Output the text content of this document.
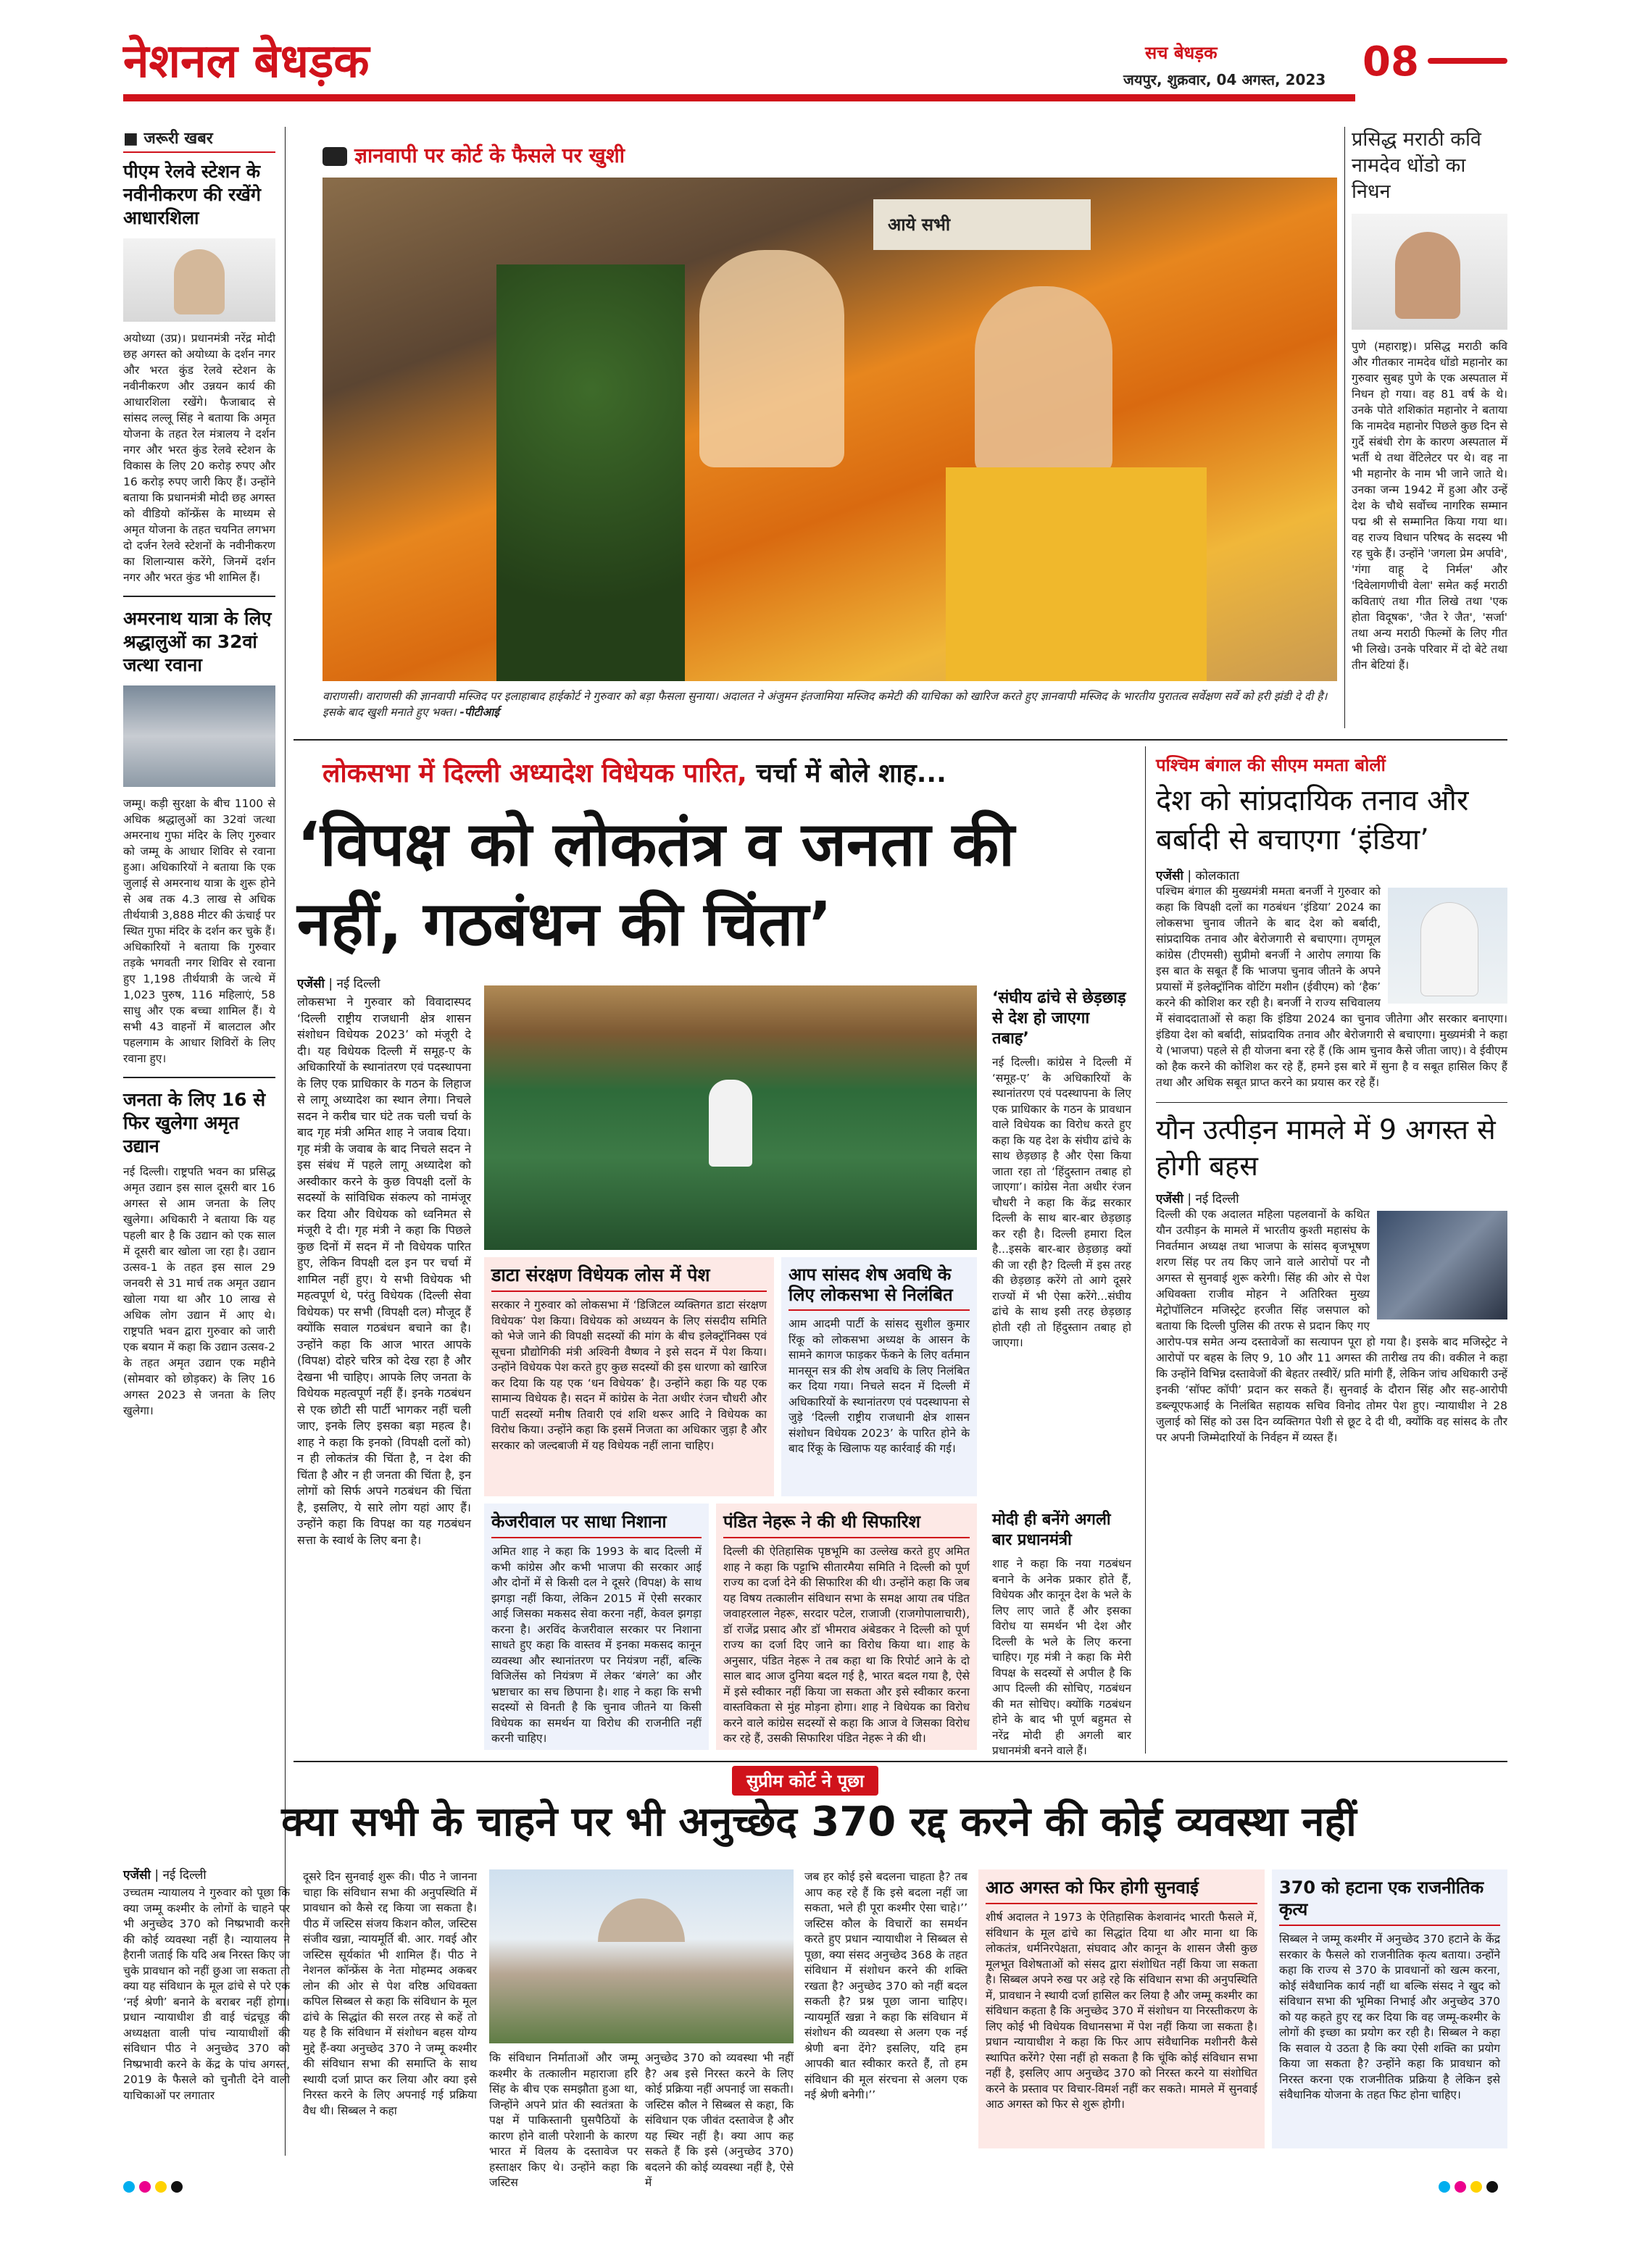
नेशनल बेधड़क	सच बेधड़क
जयपुर, शुक्रवार, 04 अगस्त, 2023 08
■ जरूरी खबर
पीएम रेलवे स्टेशन के नवीनीकरण की रखेंगे आधारशिला
अयोध्या (उप्र)। प्रधानमंत्री नरेंद्र मोदी छह अगस्त को अयोध्या के दर्शन नगर और भरत कुंड रेलवे स्टेशन के नवीनीकरण और उन्नयन कार्य की आधारशिला रखेंगे। फैजाबाद से सांसद लल्लू सिंह ने बताया कि अमृत योजना के तहत रेल मंत्रालय ने दर्शन नगर और भरत कुंड रेलवे स्टेशन के विकास के लिए 20 करोड़ रुपए और 16 करोड़ रुपए जारी किए हैं। उन्होंने बताया कि प्रधानमंत्री मोदी छह अगस्त को वीडियो कॉन्फ्रेंस के माध्यम से अमृत योजना के तहत चयनित लगभग दो दर्जन रेलवे स्टेशनों के नवीनीकरण का शिलान्यास करेंगे, जिनमें दर्शन नगर और भरत कुंड भी शामिल हैं।
अमरनाथ यात्रा के लिए श्रद्धालुओं का 32वां जत्था रवाना
जम्मू। कड़ी सुरक्षा के बीच 1100 से अधिक श्रद्धालुओं का 32वां जत्था अमरनाथ गुफा मंदिर के लिए गुरुवार को जम्मू के आधार शिविर से रवाना हुआ। अधिकारियों ने बताया कि एक जुलाई से अमरनाथ यात्रा के शुरू होने से अब तक 4.3 लाख से अधिक तीर्थयात्री 3,888 मीटर की ऊंचाई पर स्थित गुफा मंदिर के दर्शन कर चुके हैं। अधिकारियों ने बताया कि गुरुवार तड़के भगवती नगर शिविर से रवाना हुए 1,198 तीर्थयात्री के जत्थे में 1,023 पुरुष, 116 महिलाएं, 58 साधु और एक बच्चा शामिल हैं। ये सभी 43 वाहनों में बालटाल और पहलगाम के आधार शिविरों के लिए रवाना हुए।
जनता के लिए 16 से फिर खुलेगा अमृत उद्यान
नई दिल्ली। राष्ट्रपति भवन का प्रसिद्ध अमृत उद्यान इस साल दूसरी बार 16 अगस्त से आम जनता के लिए खुलेगा। अधिकारी ने बताया कि यह पहली बार है कि उद्यान को एक साल में दूसरी बार खोला जा रहा है। उद्यान उत्सव-1 के तहत इस साल 29 जनवरी से 31 मार्च तक अमृत उद्यान खोला गया था और 10 लाख से अधिक लोग उद्यान में आए थे। राष्ट्रपति भवन द्वारा गुरुवार को जारी एक बयान में कहा कि उद्यान उत्सव-2 के तहत अमृत उद्यान एक महीने (सोमवार को छोड़कर) के लिए 16 अगस्त 2023 से जनता के लिए खुलेगा।
ज्ञानवापी पर कोर्ट के फैसले पर खुशी
आये सभी
वाराणसी। वाराणसी की ज्ञानवापी मस्जिद पर इलाहाबाद हाईकोर्ट ने गुरुवार को बड़ा फैसला सुनाया। अदालत ने अंजुमन इंतजामिया मस्जिद कमेटी की याचिका को खारिज करते हुए ज्ञानवापी मस्जिद के भारतीय पुरातत्व सर्वेक्षण सर्वे को हरी झंडी दे दी है। इसके बाद खुशी मनाते हुए भक्त। -पीटीआई
प्रसिद्ध मराठी कवि नामदेव धोंडो का निधन
पुणे (महाराष्ट्र)। प्रसिद्ध मराठी कवि और गीतकार नामदेव धोंडो महानोर का गुरुवार सुबह पुणे के एक अस्पताल में निधन हो गया। वह 81 वर्ष के थे। उनके पोते शशिकांत महानोर ने बताया कि नामदेव महानोर पिछले कुछ दिन से गुर्दे संबंधी रोग के कारण अस्पताल में भर्ती थे तथा वेंटिलेटर पर थे। वह ना भी महानोर के नाम भी जाने जाते थे। उनका जन्म 1942 में हुआ और उन्हें देश के चौथे सर्वोच्च नागरिक सम्मान पद्म श्री से सम्मानित किया गया था। वह राज्य विधान परिषद के सदस्य भी रह चुके हैं। उन्होंने 'जगला प्रेम अर्पावे', 'गंगा वाहू दे निर्मल' और 'दिवेलागणीची वेला' समेत कई मराठी कविताएं तथा गीत लिखे तथा 'एक होता विदूषक', 'जैत रे जैत', 'सर्जा' तथा अन्य मराठी फिल्मों के लिए गीत भी लिखे। उनके परिवार में दो बेटे तथा तीन बेटियां हैं।
लोकसभा में दिल्ली अध्यादेश विधेयक पारित, चर्चा में बोले शाह...
‘विपक्ष को लोकतंत्र व जनता की नहीं, गठबंधन की चिंता’
एजेंसी | नई दिल्ली
लोकसभा ने गुरुवार को विवादास्पद ‘दिल्ली राष्ट्रीय राजधानी क्षेत्र शासन संशोधन विधेयक 2023’ को मंजूरी दे दी। यह विधेयक दिल्ली में समूह-ए के अधिकारियों के स्थानांतरण एवं पदस्थापना के लिए एक प्राधिकार के गठन के लिहाज से लागू अध्यादेश का स्थान लेगा। निचले सदन ने करीब चार घंटे तक चली चर्चा के बाद गृह मंत्री अमित शाह ने जवाब दिया। गृह मंत्री के जवाब के बाद निचले सदन ने इस संबंध में पहले लागू अध्यादेश को अस्वीकार करने के कुछ विपक्षी दलों के सदस्यों के सांविधिक संकल्प को नामंजूर कर दिया और विधेयक को ध्वनिमत से मंजूरी दे दी। गृह मंत्री ने कहा कि पिछले कुछ दिनों में सदन में नौ विधेयक पारित हुए, लेकिन विपक्षी दल इन पर चर्चा में शामिल नहीं हुए। ये सभी विधेयक भी महत्वपूर्ण थे, परंतु विधेयक (दिल्ली सेवा विधेयक) पर सभी (विपक्षी दल) मौजूद हैं क्योंकि सवाल गठबंधन बचाने का है। उन्होंने कहा कि आज भारत आपके (विपक्ष) दोहरे चरित्र को देख रहा है और देखना भी चाहिए। आपके लिए जनता के विधेयक महत्वपूर्ण नहीं हैं। इनके गठबंधन से एक छोटी सी पार्टी भागकर नहीं चली जाए, इनके लिए इसका बड़ा महत्व है। शाह ने कहा कि इनको (विपक्षी दलों को) न ही लोकतंत्र की चिंता है, न देश की चिंता है और न ही जनता की चिंता है, इन लोगों को सिर्फ अपने गठबंधन की चिंता है, इसलिए, ये सारे लोग यहां आए हैं। उन्होंने कहा कि विपक्ष का यह गठबंधन सत्ता के स्वार्थ के लिए बना है।
डाटा संरक्षण विधेयक लोस में पेश
सरकार ने गुरुवार को लोकसभा में ‘डिजिटल व्यक्तिगत डाटा संरक्षण विधेयक’ पेश किया। विधेयक को अध्ययन के लिए संसदीय समिति को भेजे जाने की विपक्षी सदस्यों की मांग के बीच इलेक्ट्रॉनिक्स एवं सूचना प्रौद्योगिकी मंत्री अश्विनी वैष्णव ने इसे सदन में पेश किया। उन्होंने विधेयक पेश करते हुए कुछ सदस्यों की इस धारणा को खारिज कर दिया कि यह एक ‘धन विधेयक’ है। उन्होंने कहा कि यह एक सामान्य विधेयक है। सदन में कांग्रेस के नेता अधीर रंजन चौधरी और पार्टी सदस्यों मनीष तिवारी एवं शशि थरूर आदि ने विधेयक का विरोध किया। उन्होंने कहा कि इसमें निजता का अधिकार जुड़ा है और सरकार को जल्दबाजी में यह विधेयक नहीं लाना चाहिए।
आप सांसद शेष अवधि के लिए लोकसभा से निलंबित
आम आदमी पार्टी के सांसद सुशील कुमार रिंकू को लोकसभा अध्यक्ष के आसन के सामने कागज फाड़कर फेंकने के लिए वर्तमान मानसून सत्र की शेष अवधि के लिए निलंबित कर दिया गया। निचले सदन में दिल्ली में अधिकारियों के स्थानांतरण एवं पदस्थापना से जुड़े ‘दिल्ली राष्ट्रीय राजधानी क्षेत्र शासन संशोधन विधेयक 2023’ के पारित होने के बाद रिंकू के खिलाफ यह कार्रवाई की गई।
केजरीवाल पर साधा निशाना
अमित शाह ने कहा कि 1993 के बाद दिल्ली में कभी कांग्रेस और कभी भाजपा की सरकार आई और दोनों में से किसी दल ने दूसरे (विपक्ष) के साथ झगड़ा नहीं किया, लेकिन 2015 में ऐसी सरकार आई जिसका मकसद सेवा करना नहीं, केवल झगड़ा करना है। अरविंद केजरीवाल सरकार पर निशाना साधते हुए कहा कि वास्तव में इनका मकसद कानून व्यवस्था और स्थानांतरण पर नियंत्रण नहीं, बल्कि विजिलेंस को नियंत्रण में लेकर ‘बंगले’ का और भ्रष्टाचार का सच छिपाना है। शाह ने कहा कि सभी सदस्यों से विनती है कि चुनाव जीतने या किसी विधेयक का समर्थन या विरोध की राजनीति नहीं करनी चाहिए।
पंडित नेहरू ने की थी सिफारिश
दिल्ली की ऐतिहासिक पृष्ठभूमि का उल्लेख करते हुए अमित शाह ने कहा कि पट्टाभि सीतारमैया समिति ने दिल्ली को पूर्ण राज्य का दर्जा देने की सिफारिश की थी। उन्होंने कहा कि जब यह विषय तत्कालीन संविधान सभा के समक्ष आया तब पंडित जवाहरलाल नेहरू, सरदार पटेल, राजाजी (राजगोपालाचारी), डॉ राजेंद्र प्रसाद और डॉ भीमराव अंबेडकर ने दिल्ली को पूर्ण राज्य का दर्जा दिए जाने का विरोध किया था। शाह के अनुसार, पंडित नेहरू ने तब कहा था कि रिपोर्ट आने के दो साल बाद आज दुनिया बदल गई है, भारत बदल गया है, ऐसे में इसे स्वीकार नहीं किया जा सकता और इसे स्वीकार करना वास्तविकता से मुंह मोड़ना होगा। शाह ने विधेयक का विरोध करने वाले कांग्रेस सदस्यों से कहा कि आज वे जिसका विरोध कर रहे हैं, उसकी सिफारिश पंडित नेहरू ने की थी।
‘संघीय ढांचे से छेड़छाड़ से देश हो जाएगा तबाह’
नई दिल्ली। कांग्रेस ने दिल्ली में ‘समूह-ए’ के अधिकारियों के स्थानांतरण एवं पदस्थापना के लिए एक प्राधिकार के गठन के प्रावधान वाले विधेयक का विरोध करते हुए कहा कि यह देश के संघीय ढांचे के साथ छेड़छाड़ है और ऐसा किया जाता रहा तो ‘हिंदुस्तान तबाह हो जाएगा’। कांग्रेस नेता अधीर रंजन चौधरी ने कहा कि केंद्र सरकार दिल्ली के साथ बार-बार छेड़छाड़ कर रही है। दिल्ली हमारा दिल है...इसके बार-बार छेड़छाड़ क्यों की जा रही है? दिल्ली में इस तरह की छेड़छाड़ करेंगे तो आगे दूसरे राज्यों में भी ऐसा करेंगे...संघीय ढांचे के साथ इसी तरह छेड़छाड़ होती रही तो हिंदुस्तान तबाह हो जाएगा।
मोदी ही बनेंगे अगली बार प्रधानमंत्री
शाह ने कहा कि नया गठबंधन बनाने के अनेक प्रकार होते हैं, विधेयक और कानून देश के भले के लिए लाए जाते हैं और इसका विरोध या समर्थन भी देश और दिल्ली के भले के लिए करना चाहिए। गृह मंत्री ने कहा कि मेरी विपक्ष के सदस्यों से अपील है कि आप दिल्ली की सोचिए, गठबंधन की मत सोचिए। क्योंकि गठबंधन होने के बाद भी पूर्ण बहुमत से नरेंद्र मोदी ही अगली बार प्रधानमंत्री बनने वाले हैं।
पश्चिम बंगाल की सीएम ममता बोलीं
देश को सांप्रदायिक तनाव और बर्बादी से बचाएगा ‘इंडिया’
एजेंसी | कोलकाता
पश्चिम बंगाल की मुख्यमंत्री ममता बनर्जी ने गुरुवार को कहा कि विपक्षी दलों का गठबंधन ‘इंडिया’ 2024 का लोकसभा चुनाव जीतने के बाद देश को बर्बादी, सांप्रदायिक तनाव और बेरोजगारी से बचाएगा। तृणमूल कांग्रेस (टीएमसी) सुप्रीमो बनर्जी ने आरोप लगाया कि इस बात के सबूत हैं कि भाजपा चुनाव जीतने के अपने प्रयासों में इलेक्ट्रॉनिक वोटिंग मशीन (ईवीएम) को ‘हैक’ करने की कोशिश कर रही है। बनर्जी ने राज्य सचिवालय में संवाददाताओं से कहा कि इंडिया 2024 का चुनाव जीतेगा और सरकार बनाएगा। इंडिया देश को बर्बादी, सांप्रदायिक तनाव और बेरोजगारी से बचाएगा। मुख्यमंत्री ने कहा ये (भाजपा) पहले से ही योजना बना रहे हैं (कि आम चुनाव कैसे जीता जाए)। वे ईवीएम को हैक करने की कोशिश कर रहे हैं, हमने इस बारे में सुना है व सबूत हासिल किए हैं तथा और अधिक सबूत प्राप्त करने का प्रयास कर रहे हैं।
यौन उत्पीड़न मामले में 9 अगस्त से होगी बहस
एजेंसी | नई दिल्ली
दिल्ली की एक अदालत महिला पहलवानों के कथित यौन उत्पीड़न के मामले में भारतीय कुश्ती महासंघ के निवर्तमान अध्यक्ष तथा भाजपा के सांसद बृजभूषण शरण सिंह पर तय किए जाने वाले आरोपों पर नौ अगस्त से सुनवाई शुरू करेगी। सिंह की ओर से पेश अधिवक्ता राजीव मोहन ने अतिरिक्त मुख्य मेट्रोपॉलिटन मजिस्ट्रेट हरजीत सिंह जसपाल को बताया कि दिल्ली पुलिस की तरफ से प्रदान किए गए आरोप-पत्र समेत अन्य दस्तावेजों का सत्यापन पूरा हो गया है। इसके बाद मजिस्ट्रेट ने आरोपों पर बहस के लिए 9, 10 और 11 अगस्त की तारीख तय की। वकील ने कहा कि उन्होंने विभिन्न दस्तावेजों की बेहतर तस्वीरें/ प्रति मांगी हैं, लेकिन जांच अधिकारी उन्हें इनकी ‘सॉफ्ट कॉपी’ प्रदान कर सकते हैं। सुनवाई के दौरान सिंह और सह-आरोपी डब्ल्यूएफआई के निलंबित सहायक सचिव विनोद तोमर पेश हुए। न्यायाधीश ने 28 जुलाई को सिंह को उस दिन व्यक्तिगत पेशी से छूट दे दी थी, क्योंकि वह सांसद के तौर पर अपनी जिम्मेदारियों के निर्वहन में व्यस्त हैं।
सुप्रीम कोर्ट ने पूछा
क्या सभी के चाहने पर भी अनुच्छेद 370 रद्द करने की कोई व्यवस्था नहीं
एजेंसी | नई दिल्ली
उच्चतम न्यायालय ने गुरुवार को पूछा कि क्या जम्मू कश्मीर के लोगों के चाहने पर भी अनुच्छेद 370 को निष्प्रभावी करने की कोई व्यवस्था नहीं है। न्यायालय ने हैरानी जताई कि यदि अब निरस्त किए जा चुके प्रावधान को नहीं छुआ जा सकता तो क्या यह संविधान के मूल ढांचे से परे एक ‘नई श्रेणी’ बनाने के बराबर नहीं होगा। प्रधान न्यायाधीश डी वाई चंद्रचूड़ की अध्यक्षता वाली पांच न्यायाधीशों की संविधान पीठ ने अनुच्छेद 370 को निष्प्रभावी करने के केंद्र के पांच अगस्त, 2019 के फैसले को चुनौती देने वाली याचिकाओं पर लगातार
दूसरे दिन सुनवाई शुरू की। पीठ ने जानना चाहा कि संविधान सभा की अनुपस्थिति में प्रावधान को कैसे रद्द किया जा सकता है। पीठ में जस्टिस संजय किशन कौल, जस्टिस संजीव खन्ना, न्यायमूर्ति बी. आर. गवई और जस्टिस सूर्यकांत भी शामिल हैं। पीठ ने नेशनल कॉन्फ्रेंस के नेता मोहम्मद अकबर लोन की ओर से पेश वरिष्ठ अधिवक्ता कपिल सिब्बल से कहा कि संविधान के मूल ढांचे के सिद्धांत की सरल तरह से कहें तो यह है कि संविधान में संशोधन बहस योग्य मुद्दे हैं-क्या अनुच्छेद 370 ने जम्मू कश्मीर की संविधान सभा की समाप्ति के साथ स्थायी दर्जा प्राप्त कर लिया और क्या इसे निरस्त करने के लिए अपनाई गई प्रक्रिया वैध थी। सिब्बल ने कहा
कि संविधान निर्माताओं और जम्मू कश्मीर के तत्कालीन महाराजा हरि सिंह के बीच एक समझौता हुआ था, जिन्होंने अपने प्रांत की स्वतंत्रता के पक्ष में पाकिस्तानी घुसपैठियों के कारण होने वाली परेशानी के कारण भारत में विलय के दस्तावेज पर हस्ताक्षर किए थे। उन्होंने कहा कि जस्टिस
अनुच्छेद 370 को व्यवस्था भी नहीं है? अब इसे निरस्त करने के लिए कोई प्रक्रिया नहीं अपनाई जा सकती। जस्टिस कौल ने सिब्बल से कहा, कि संविधान एक जीवंत दस्तावेज है और यह स्थिर नहीं है। क्या आप कह सकते हैं कि इसे (अनुच्छेद 370) बदलने की कोई व्यवस्था नहीं है, ऐसे में
जब हर कोई इसे बदलना चाहता है? तब आप कह रहे हैं कि इसे बदला नहीं जा सकता, भले ही पूरा कश्मीर ऐसा चाहे।’’ जस्टिस कौल के विचारों का समर्थन करते हुए प्रधान न्यायाधीश ने सिब्बल से पूछा, क्या संसद अनुच्छेद 368 के तहत संविधान में संशोधन करने की शक्ति रखता है? अनुच्छेद 370 को नहीं बदल सकती है? प्रश्न पूछा जाना चाहिए। न्यायमूर्ति खन्ना ने कहा कि संविधान में संशोधन की व्यवस्था से अलग एक नई श्रेणी बना देंगे? इसलिए, यदि हम आपकी बात स्वीकार करते हैं, तो हम संविधान की मूल संरचना से अलग एक नई श्रेणी बनेगी।’’
आठ अगस्त को फिर होगी सुनवाई
शीर्ष अदालत ने 1973 के ऐतिहासिक केशवानंद भारती फैसले में, संविधान के मूल ढांचे का सिद्धांत दिया था और माना था कि लोकतंत्र, धर्मनिरपेक्षता, संघवाद और कानून के शासन जैसी कुछ मूलभूत विशेषताओं को संसद द्वारा संशोधित नहीं किया जा सकता है। सिब्बल अपने रुख पर अड़े रहे कि संविधान सभा की अनुपस्थिति में, प्रावधान ने स्थायी दर्जा हासिल कर लिया है और जम्मू कश्मीर का संविधान कहता है कि अनुच्छेद 370 में संशोधन या निरस्तीकरण के लिए कोई भी विधेयक विधानसभा में पेश नहीं किया जा सकता है। प्रधान न्यायाधीश ने कहा कि फिर आप संवैधानिक मशीनरी कैसे स्थापित करेंगे? ऐसा नहीं हो सकता है कि चूंकि कोई संविधान सभा नहीं है, इसलिए आप अनुच्छेद 370 को निरस्त करने या संशोधित करने के प्रस्ताव पर विचार-विमर्श नहीं कर सकते। मामले में सुनवाई आठ अगस्त को फिर से शुरू होगी।
370 को हटाना एक राजनीतिक कृत्य
सिब्बल ने जम्मू कश्मीर में अनुच्छेद 370 हटाने के केंद्र सरकार के फैसले को राजनीतिक कृत्य बताया। उन्होंने कहा कि राज्य से 370 के प्रावधानों को खत्म करना, कोई संवैधानिक कार्य नहीं था बल्कि संसद ने खुद को संविधान सभा की भूमिका निभाई और अनुच्छेद 370 को यह कहते हुए रद्द कर दिया कि वह जम्मू-कश्मीर के लोगों की इच्छा का प्रयोग कर रही है। सिब्बल ने कहा कि सवाल ये उठता है कि क्या ऐसी शक्ति का प्रयोग किया जा सकता है? उन्होंने कहा कि प्रावधान को निरस्त करना एक राजनीतिक प्रक्रिया है लेकिन इसे संवैधानिक योजना के तहत फिट होना चाहिए।
